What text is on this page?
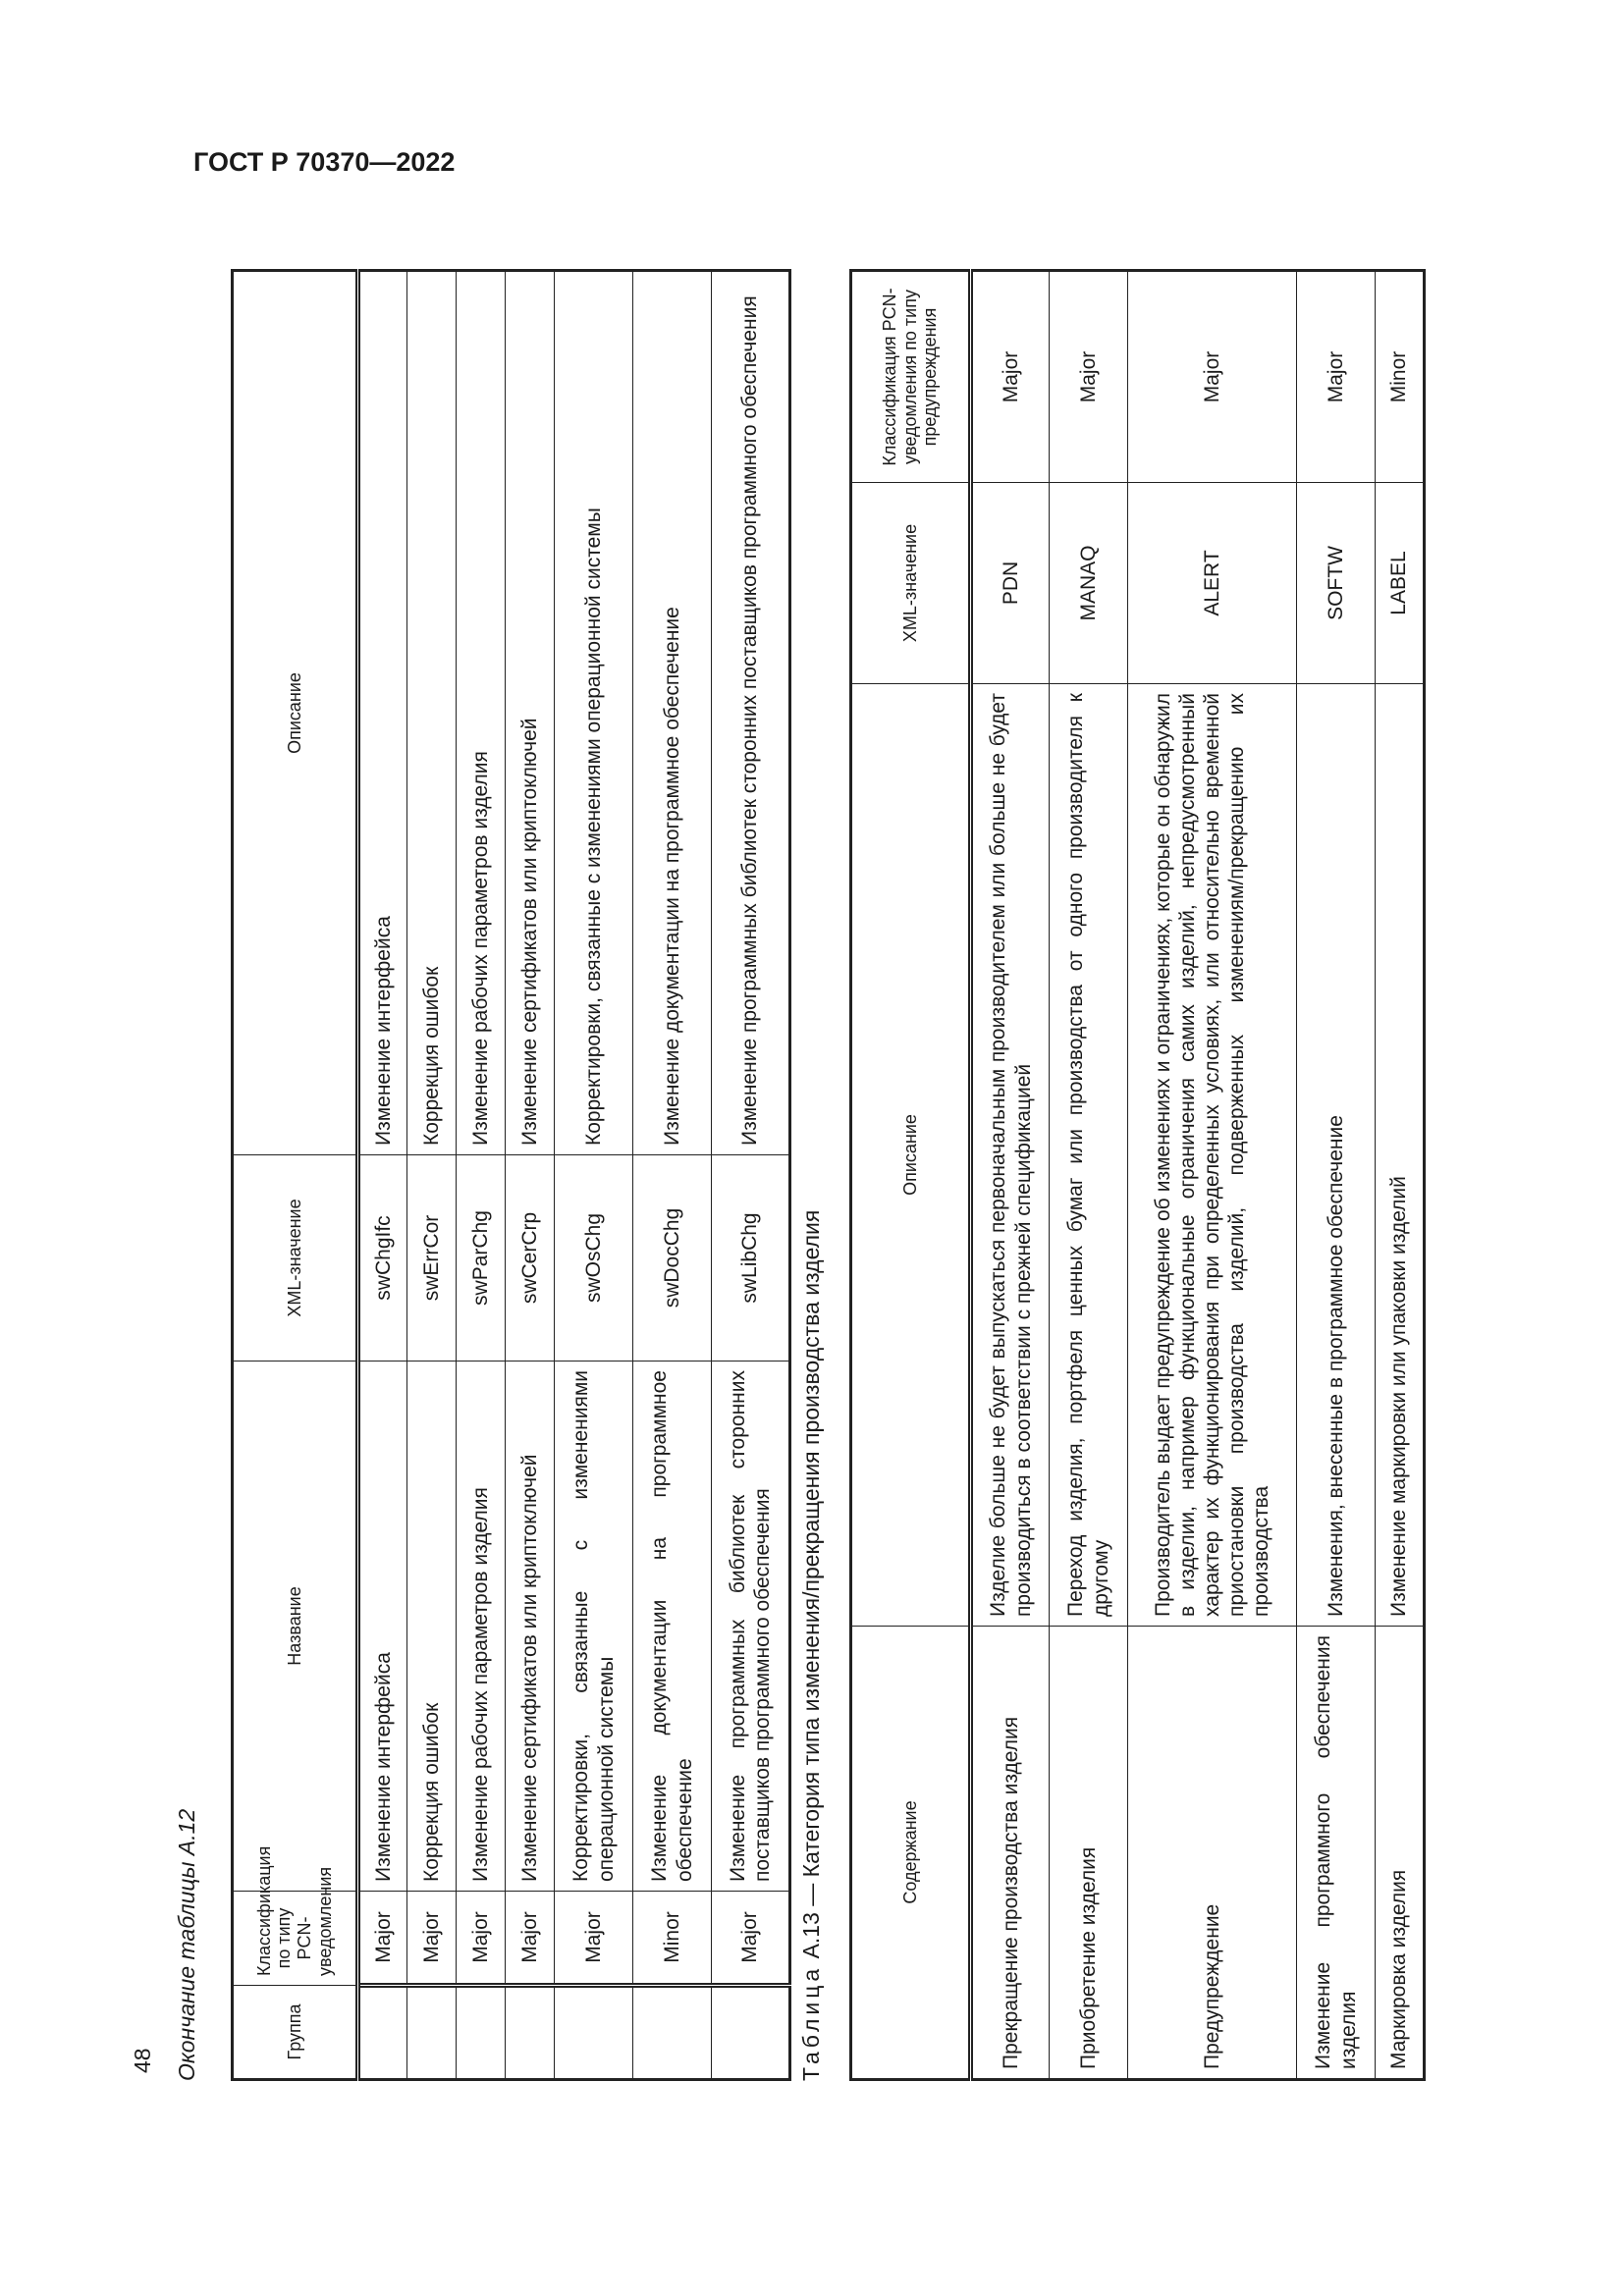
ГОСТ Р 70370—2022
48 Окончание таблицы А.12	Группа	Классификация по типу PCN-уведомления	Название	XML-значение	Описание
	Major	Изменение интерфейса	swChgIfc	Изменение интерфейса
	Major	Коррекция ошибок	swErrCor	Коррекция ошибок
	Major	Изменение рабочих параметров изделия	swParChg	Изменение рабочих параметров изделия
	Major	Изменение сертификатов или криптоключей	swCerCrp	Изменение сертификатов или криптоключей
	Major	Корректировки, связанные с изменениями операционной системы	swOsChg	Корректировки, связанные с изменениями операционной системы
	Minor	Изменение документации на программное обеспечение	swDocChg	Изменение документации на программное обеспечение
	Major	Изменение программных библиотек сторонних поставщиков программного обеспечения	swLibChg	Изменение программных библиотек сторонних поставщиков программного обеспечения
Таблица А.13 — Категория типа изменения/прекращения производства изделия	Содержание	Описание	XML-значение	Классификация PCN-уведомления по типу предупреждения
Прекращение производства изделия	Изделие больше не будет выпускаться первоначальным производителем или больше не будет производиться в соответствии с прежней спецификацией	PDN	Major
Приобретение изделия	Переход изделия, портфеля ценных бумаг или производства от одного производителя к другому	MANAQ	Major
Предупреждение	Производитель выдает предупреждение об изменениях и ограничениях, которые он обнаружил в изделии, например функциональные ограничения самих изделий, непредусмотренный характер их функционирования при определенных условиях, или относительно временной приостановки производства изделий, подверженных изменениям/прекращению их производства	ALERT	Major
Изменение программного обеспечения изделия	Изменения, внесенные в программное обеспечение	SOFTW	Major
Маркировка изделия	Изменение маркировки или упаковки изделий	LABEL	Minor
